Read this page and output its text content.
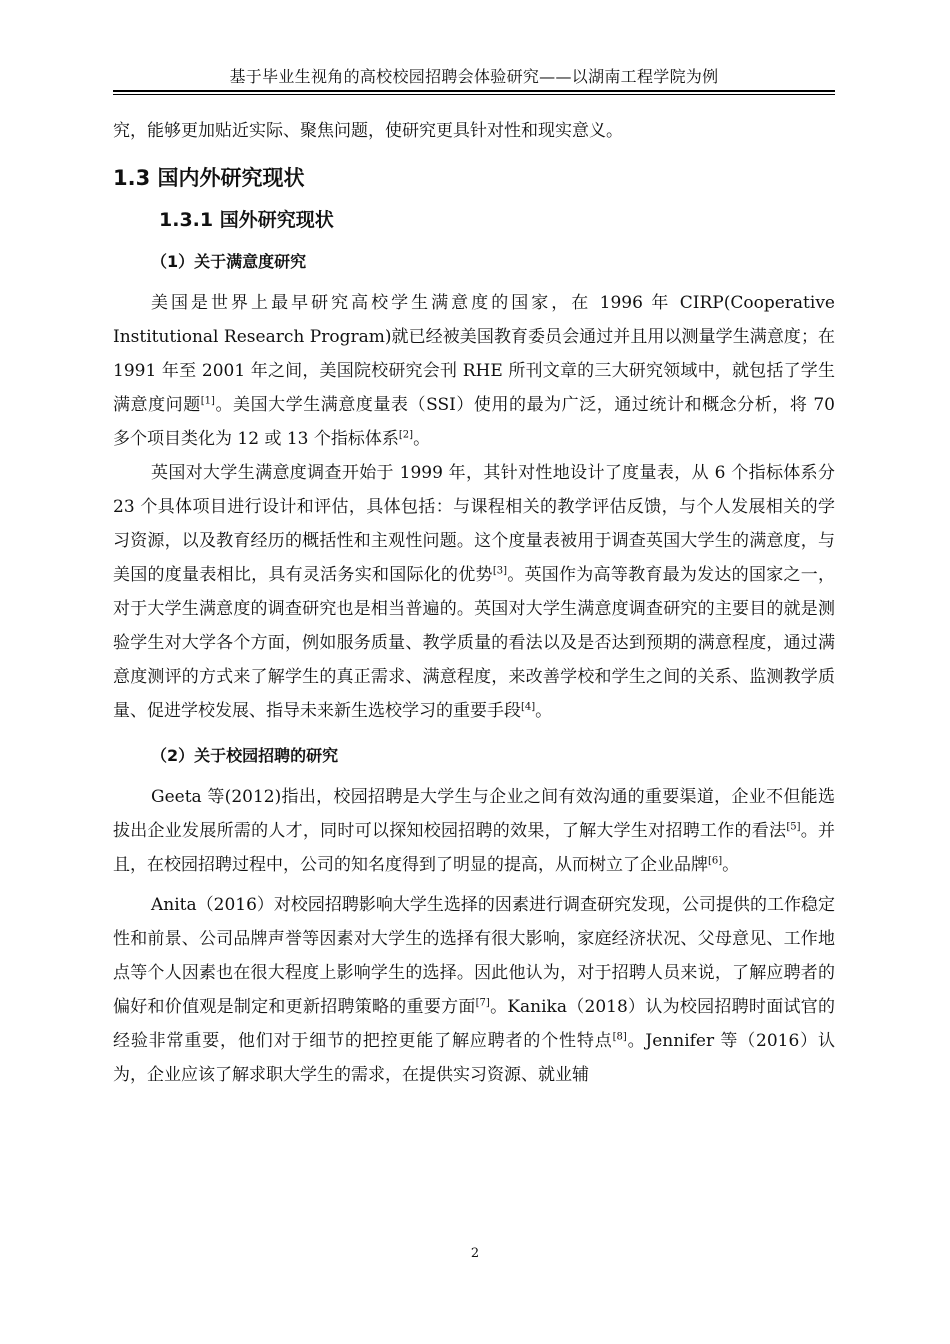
基于毕业生视角的高校校园招聘会体验研究——以湖南工程学院为例

究，能够更加贴近实际、聚焦问题，使研究更具针对性和现实意义。

1.3 国内外研究现状
1.3.1 国外研究现状
（1）关于满意度研究

美国是世界上最早研究高校学生满意度的国家，在 1996 年 CIRP(Cooperative Institutional Research Program)就已经被美国教育委员会通过并且用以测量学生满意度；在 1991 年至 2001 年之间，美国院校研究会刊 RHE 所刊文章的三大研究领域中，就包括了学生满意度问题[1]。美国大学生满意度量表（SSI）使用的最为广泛，通过统计和概念分析，将 70 多个项目类化为 12 或 13 个指标体系[2]。

英国对大学生满意度调查开始于 1999 年，其针对性地设计了度量表，从 6 个指标体系分 23 个具体项目进行设计和评估，具体包括：与课程相关的教学评估反馈，与个人发展相关的学习资源，以及教育经历的概括性和主观性问题。这个度量表被用于调查英国大学生的满意度，与美国的度量表相比，具有灵活务实和国际化的优势[3]。英国作为高等教育最为发达的国家之一，对于大学生满意度的调查研究也是相当普遍的。英国对大学生满意度调查研究的主要目的就是测验学生对大学各个方面，例如服务质量、教学质量的看法以及是否达到预期的满意程度，通过满意度测评的方式来了解学生的真正需求、满意程度，来改善学校和学生之间的关系、监测教学质量、促进学校发展、指导未来新生选校学习的重要手段[4]。

（2）关于校园招聘的研究

Geeta 等(2012)指出，校园招聘是大学生与企业之间有效沟通的重要渠道，企业不但能选拔出企业发展所需的人才，同时可以探知校园招聘的效果，了解大学生对招聘工作的看法[5]。并且，在校园招聘过程中，公司的知名度得到了明显的提高，从而树立了企业品牌[6]。

Anita（2016）对校园招聘影响大学生选择的因素进行调查研究发现，公司提供的工作稳定性和前景、公司品牌声誉等因素对大学生的选择有很大影响，家庭经济状况、父母意见、工作地点等个人因素也在很大程度上影响学生的选择。因此他认为，对于招聘人员来说，了解应聘者的偏好和价值观是制定和更新招聘策略的重要方面[7]。Kanika（2018）认为校园招聘时面试官的经验非常重要，他们对于细节的把控更能了解应聘者的个性特点[8]。Jennifer 等（2016）认为，企业应该了解求职大学生的需求，在提供实习资源、就业辅

2
